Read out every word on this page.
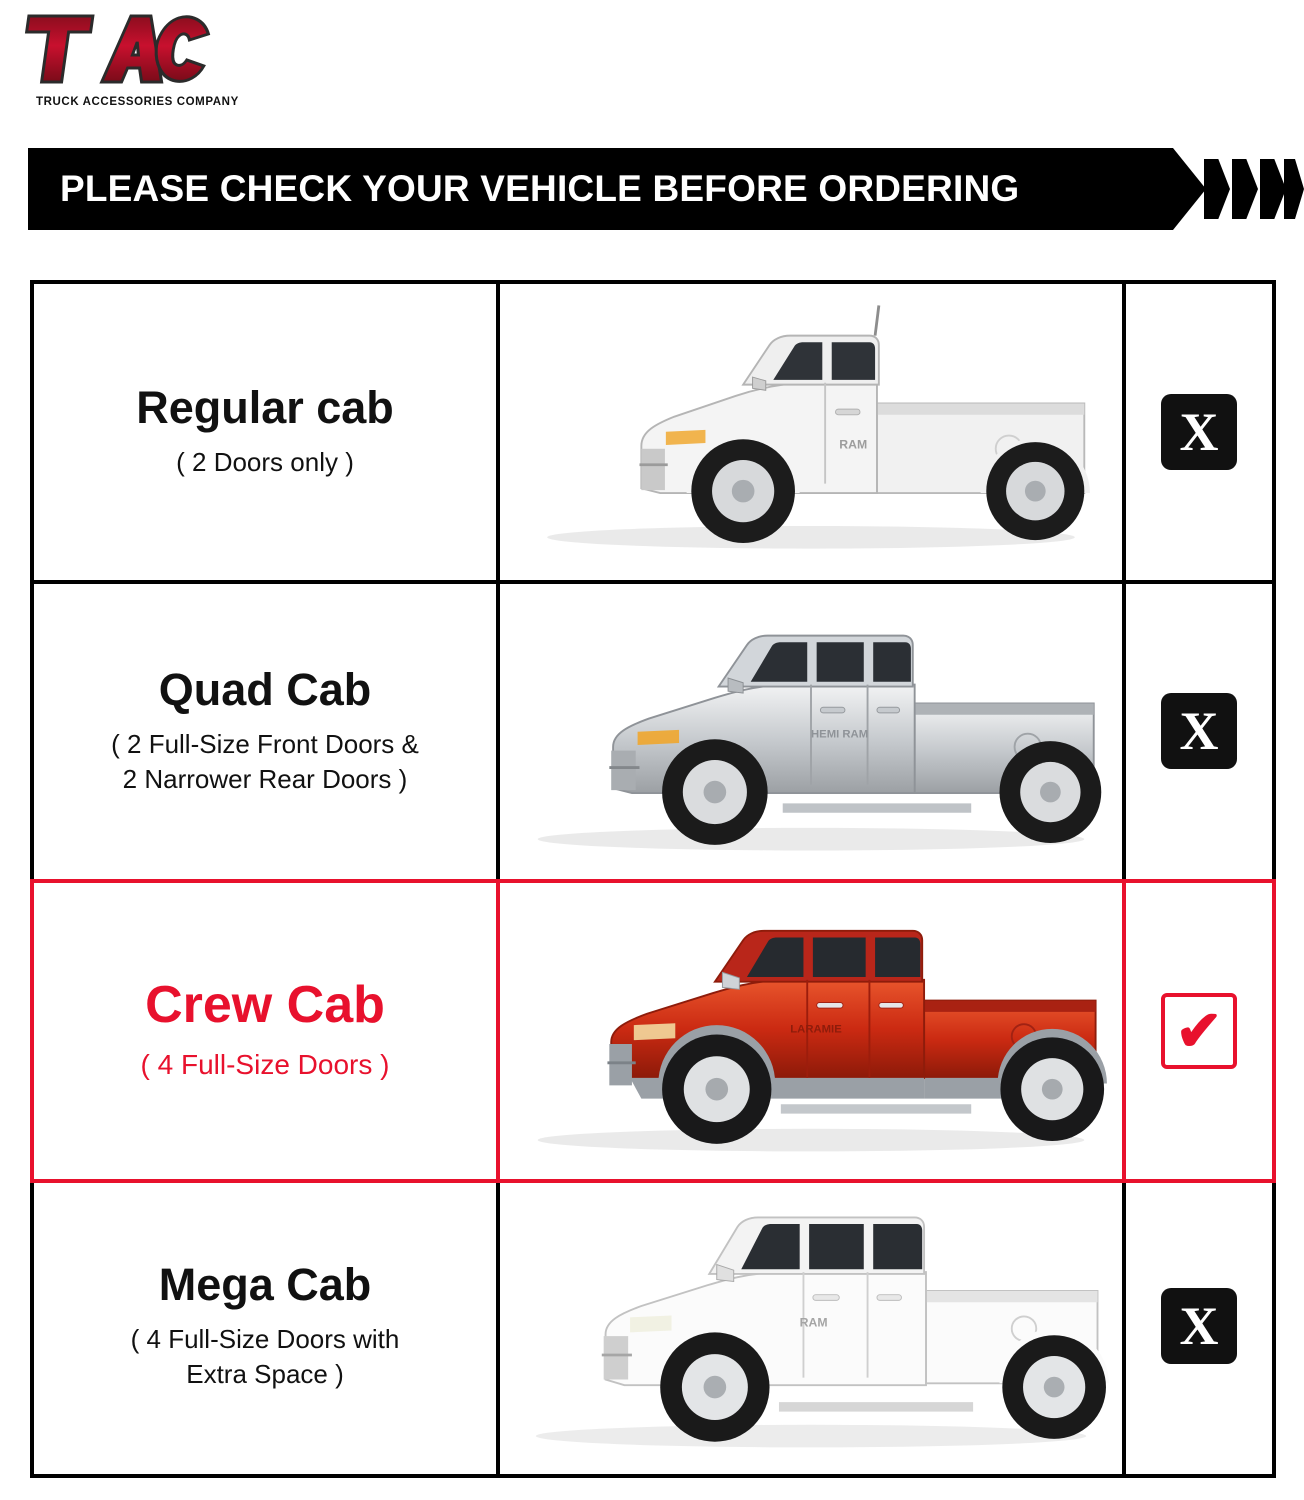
TRUCK ACCESSORIES COMPANY
PLEASE CHECK YOUR VEHICLE BEFORE ORDERING
Regular cab
( 2 Doors only )
RAM	X
Quad Cab
( 2 Full-Size Front Doors &
2 Narrower Rear Doors )
HEMI RAM	X
Crew Cab
( 4 Full-Size Doors )
LARAMIE	✔
Mega Cab
( 4 Full-Size Doors with
Extra Space )
RAM	X
